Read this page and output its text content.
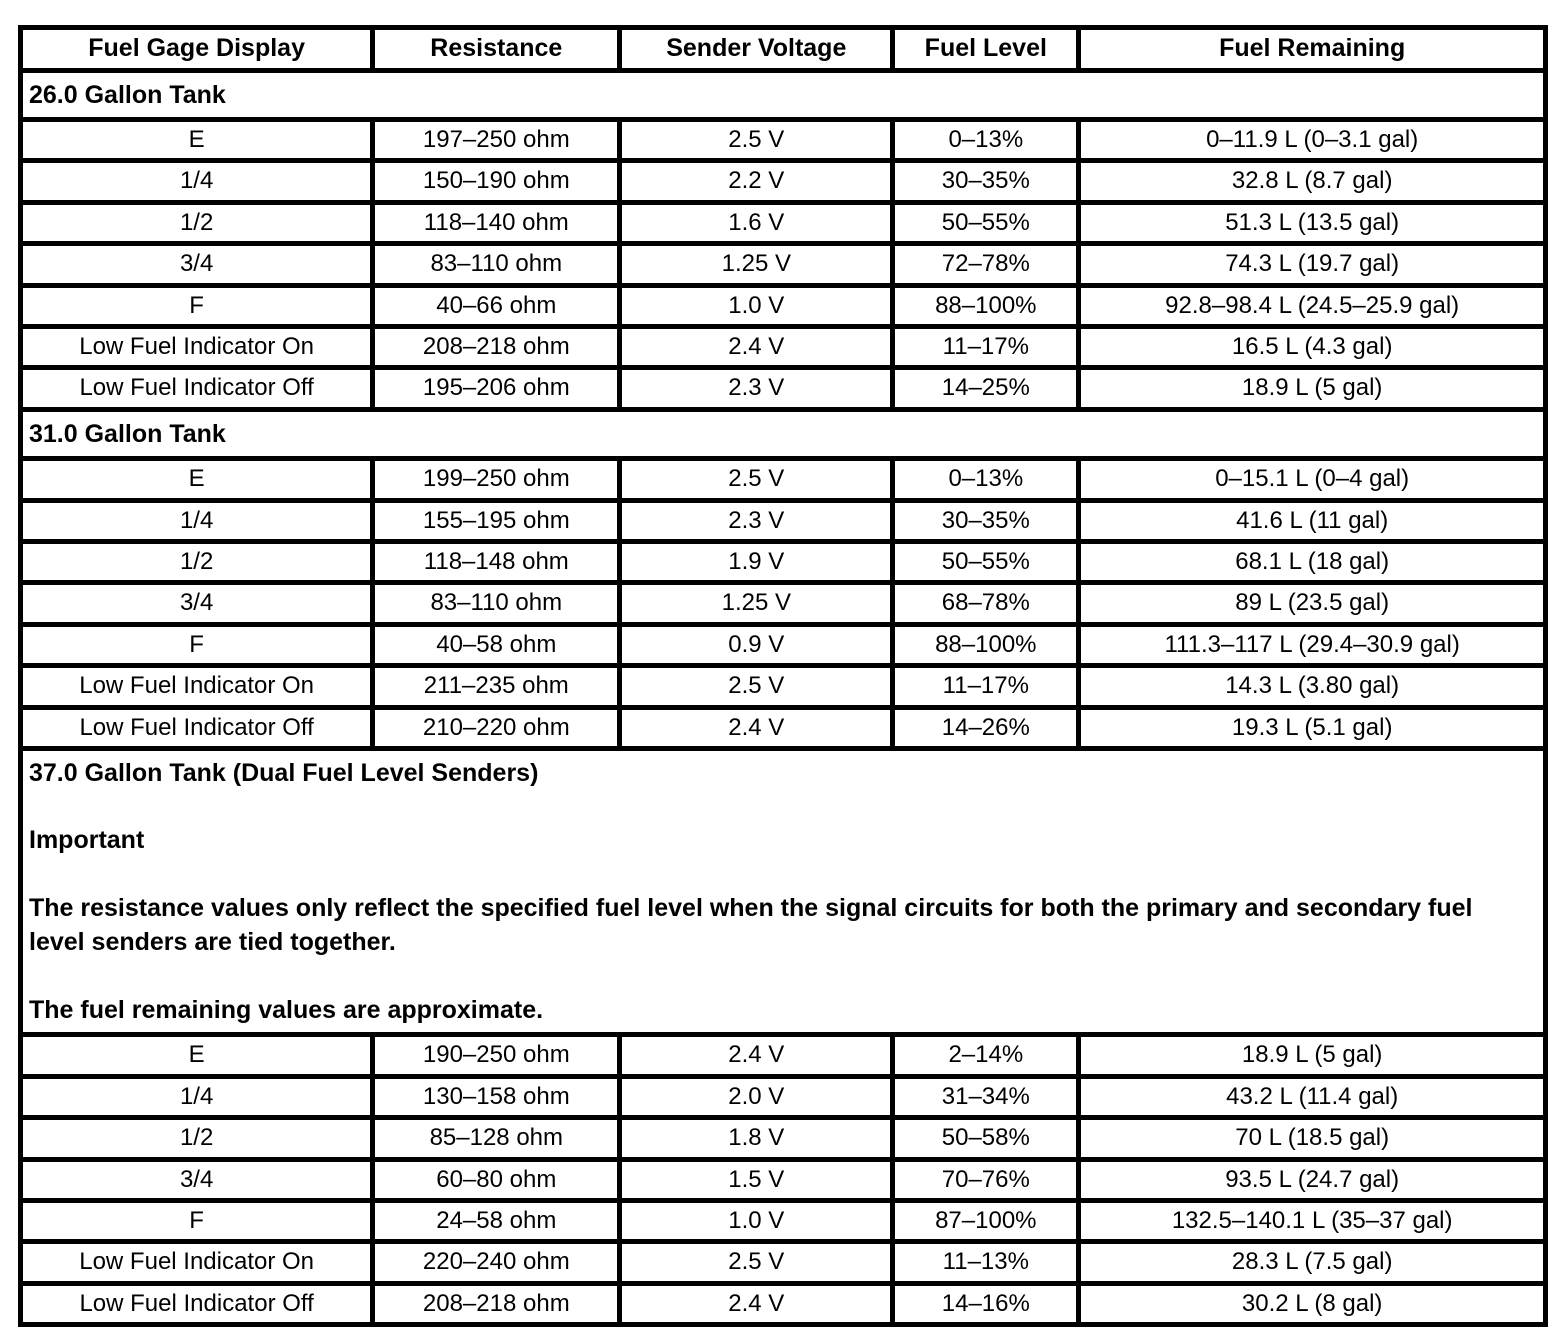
Fuel Gage Display	Resistance	Sender Voltage	Fuel Level	Fuel Remaining

26.0 Gallon Tank				

E	197–250 ohm	2.5 V	0–13%	0–11.9 L (0–3.1 gal)
1/4	150–190 ohm	2.2 V	30–35%	32.8 L (8.7 gal)
1/2	118–140 ohm	1.6 V	50–55%	51.3 L (13.5 gal)
3/4	83–110 ohm	1.25 V	72–78%	74.3 L (19.7 gal)
F	40–66 ohm	1.0 V	88–100%	92.8–98.4 L (24.5–25.9 gal)
Low Fuel Indicator On	208–218 ohm	2.4 V	11–17%	16.5 L (4.3 gal)
Low Fuel Indicator Off	195–206 ohm	2.3 V	14–25%	18.9 L (5 gal)

31.0 Gallon Tank				

E	199–250 ohm	2.5 V	0–13%	0–15.1 L (0–4 gal)
1/4	155–195 ohm	2.3 V	30–35%	41.6 L (11 gal)
1/2	118–148 ohm	1.9 V	50–55%	68.1 L (18 gal)
3/4	83–110 ohm	1.25 V	68–78%	89 L (23.5 gal)
F	40–58 ohm	0.9 V	88–100%	111.3–117 L (29.4–30.9 gal)
Low Fuel Indicator On	211–235 ohm	2.5 V	11–17%	14.3 L (3.80 gal)
Low Fuel Indicator Off	210–220 ohm	2.4 V	14–26%	19.3 L (5.1 gal)

37.0 Gallon Tank (Dual Fuel Level Senders)

Important

The resistance values only reflect the specified fuel level when the signal circuits for both the primary and secondary fuel level senders are tied together.

The fuel remaining values are approximate.				

E	190–250 ohm	2.4 V	2–14%	18.9 L (5 gal)
1/4	130–158 ohm	2.0 V	31–34%	43.2 L (11.4 gal)
1/2	85–128 ohm	1.8 V	50–58%	70 L (18.5 gal)
3/4	60–80 ohm	1.5 V	70–76%	93.5 L (24.7 gal)
F	24–58 ohm	1.0 V	87–100%	132.5–140.1 L (35–37 gal)
Low Fuel Indicator On	220–240 ohm	2.5 V	11–13%	28.3 L (7.5 gal)
Low Fuel Indicator Off	208–218 ohm	2.4 V	14–16%	30.2 L (8 gal)
